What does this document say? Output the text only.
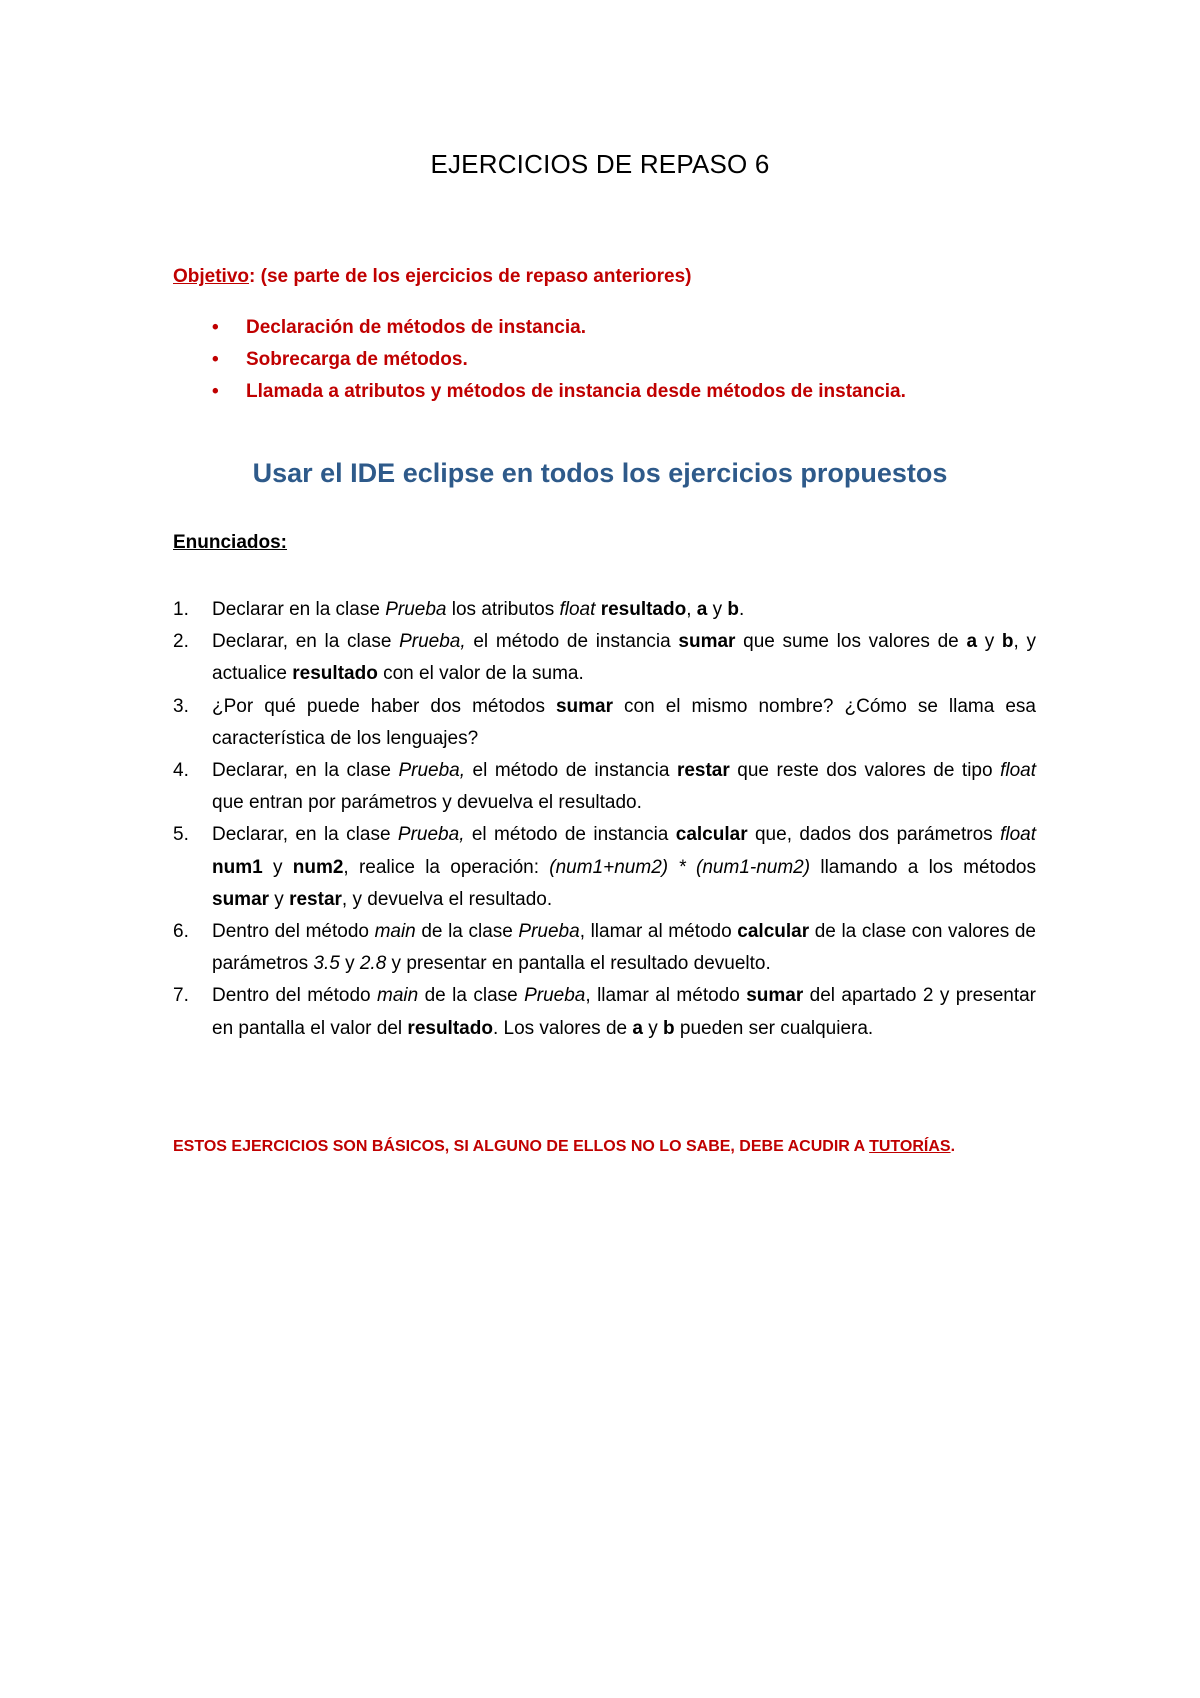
EJERCICIOS DE REPASO 6
Objetivo: (se parte de los ejercicios de repaso anteriores)
• Declaración de métodos de instancia.
• Sobrecarga de métodos.
• Llamada a atributos y métodos de instancia desde métodos de instancia.
Usar el IDE eclipse en todos los ejercicios propuestos
Enunciados:
1. Declarar en la clase Prueba los atributos float resultado, a y b.
2. Declarar, en la clase Prueba, el método de instancia sumar que sume los valores de a y b, y actualice resultado con el valor de la suma.
3. ¿Por qué puede haber dos métodos sumar con el mismo nombre? ¿Cómo se llama esa característica de los lenguajes?
4. Declarar, en la clase Prueba, el método de instancia restar que reste dos valores de tipo float que entran por parámetros y devuelva el resultado.
5. Declarar, en la clase Prueba, el método de instancia calcular que, dados dos parámetros float num1 y num2, realice la operación: (num1+num2) * (num1-num2) llamando a los métodos sumar y restar, y devuelva el resultado.
6. Dentro del método main de la clase Prueba, llamar al método calcular de la clase con valores de parámetros 3.5 y 2.8 y presentar en pantalla el resultado devuelto.
7. Dentro del método main de la clase Prueba, llamar al método sumar del apartado 2 y presentar en pantalla el valor del resultado. Los valores de a y b pueden ser cualquiera.
ESTOS EJERCICIOS SON BÁSICOS, SI ALGUNO DE ELLOS NO LO SABE, DEBE ACUDIR A TUTORÍAS.
